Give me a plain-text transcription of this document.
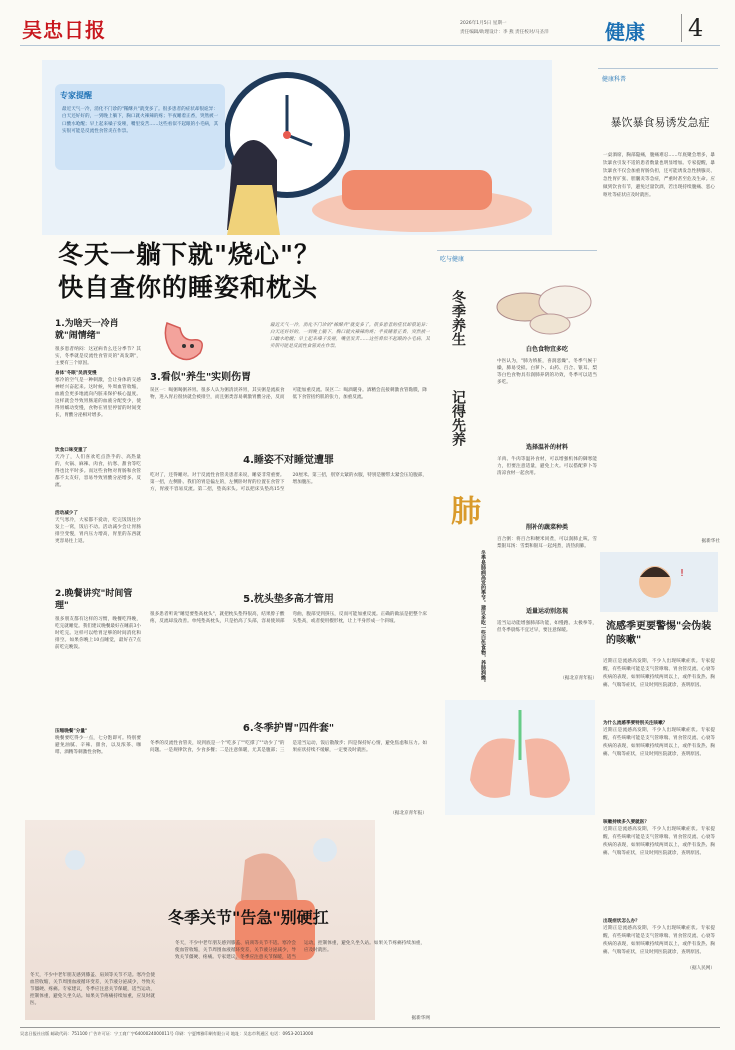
吴忠日报	2026年1月5日 星期一
责任编辑/助理设计：李 燕 责任校对/马圣洋	健康 4
专家提醒
最近天气一冷，消化不门诊的"稀酥兵"就变多了。很多患者的症状却很诡异：白天还好好的，一到晚上躺下，胸口就火辣辣的疼；半夜睡着正香，突然被一口酸水呛醒；早上起来嗓子发哑，嘴里发苦……这些看似不起眼的小毛病，其实很可能是反流性食管炎在作祟。
冬天一躺下就"烧心"？
快自查你的睡姿和枕头
1.为啥天一冷肖就"闹情绪"
很多患者纳闷：这冠病肯么还分季节？其实，冬季就是反流性食管炎的"高发期"，主要有三个原因。
身体"冬眠"吴消变慢
寒冷的空气是一种刺激，会让身体的交感神经兴奋起来。这时候，外周血管收缩，血液会更多地流向内脏来保护核心温度。这样就会导致胃肠道的血液分配变少，使得胃蠕动变慢，食物在胃里停留的时间变长，胃酸分泌相对增多。
饮食口味变重了
天冷了，人们喜欢吃点热乎的、高热量的，火锅、麻辣、肉食，抗寒、甜食等吃得也比平时多。而这些食物对胃肠和食管都不太友好，容易导致胃酸分泌增多、反流。
活动减少了
天气寒冷，大家都不爱动，吃完饭饭往沙发上一窝，饭后不动。活动减少会让胃肠排空变慢，胃内压力增高，胃里的东西就更容易往上返。
2.晚餐讲究"时间管理"
很多朋友都有这样的习惯，晚餐吃得晚，吃完就睡觉。我们建议晚餐最好在睡前3小时吃完。这样可以给胃足够的时间消化和排空。如果你晚上10点睡觉，最好在7点前吃完晚饭。
压缩晚餐"分量"
晚餐要吃得少一点，七分饱即可。特别要避免油腻、辛辣、甜食，以及浓茶、咖啡、酒精等刺激性食物。
最近天气一冷，消化不门诊的"稀酥兵"就变多了。很多患者的症状却很诡异：白天还好好的，一到晚上躺下，胸口就火辣辣的疼；半夜睡着正香，突然被一口酸水呛醒；早上起来嗓子发哑，嘴里发苦……这些看似不起眼的小毛病，其实很可能是反流性食管炎在作祟。
3.看似"养生"实则伤胃
误区一：喝粥喝粥养胃。很多人认为粥清淡养胃，其实粥是流质食物，进入胃后很快就会被排空，而且粥类容易刺激胃酸分泌，反而可能加重反流。误区二：喝酒暖身。酒精会直接刺激食管黏膜，降低下食管括约肌的张力，加重反流。
4.睡姿不对睡觉遭罪
吃对了，还得睡对。对于反流性食管炎患者来说，睡姿非常重要。第一招，左侧卧。我们的胃是偏左的，左侧卧时胃的位置在食管下方，胃液不容易反流。第二招，垫高床头。可以把床头垫高15至20厘米。第三招，别穿太紧的衣服，特别是腰带太紧会压迫腹部，增加腹压。
5.枕头垫多高才管用
很多患者听说"睡觉要垫高枕头"，就把枕头垫得很高，结果脖子酸疼，反流却没改善。单纯垫高枕头，只是抬高了头部，容易使颈部弯曲，腹部受到挤压，反而可能加重反流。正确的做法是把整个床头垫高，或者使用楔形枕，让上半身形成一个斜坡。
6.冬季护胃"四件套"
冬季的反流性食管炎，说到底是一个"吃多了""吃撑了""动少了"的问题。一是规律饮食，少食多餐；二是注意保暖，尤其是腹部；三是适当运动，饭后散散步；四是保持好心情，避免焦虑和压力。如果症状持续不缓解，一定要及时就医。
（据北京青年报）
吃与健康
冬季养生
记得先养
肺
冬季是肺病高发的季节。建议多吃一些白色食物，养肺润燥。
白色食物宜多吃
中医认为，"肺为娇脏，喜润恶燥"。冬季气候干燥，肺易受损。白萝卜、山药、百合、银耳、梨等白色食物具有润肺养阴的功效，冬季可以适当多吃。
选择温补的材料
羊肉、牛肉等温补食材，可以增强机体的御寒能力，但要注意适量，避免上火。可以搭配萝卜等清凉食材一起食用。
削补的蔬菜种类
百合粥：将百合和粳米同煮，可以润肺止咳。雪梨银耳汤：雪梨和银耳一起炖煮，清热润肺。
适量运动别忽视
适当运动能增强肺部功能，如慢跑、太极拳等，但冬季晨练不宜过早，要注意保暖。
（据北京青年报）
健康科普
暴饮暴食易诱发急症
一桌酒席，胸部隐痛，腹痛难忍……年底聚会增多，暴饮暴食引发不适的患者数量也明显增加。专家提醒，暴饮暴食不仅会加重胃肠负担，还可能诱发急性胰腺炎、急性胃扩张、胆囊炎等急症，严重时甚至危及生命。应做到饮食有节，避免过量饮酒，若出现持续腹痛、恶心呕吐等症状应及时就医。
据新华社
!
流感季更要警惕"会伪装的咳嗽"
近期正是流感高发期，不少人出现咳嗽症状。专家提醒，有些咳嗽可能是支气管哮喘、胃食管反流、心衰等疾病的表现，如果咳嗽持续两周以上，或伴有发热、胸痛、气喘等症状，应及时到医院就诊，查明原因。
为什么流感季要特别关注咳嗽？
近期正是流感高发期，不少人出现咳嗽症状。专家提醒，有些咳嗽可能是支气管哮喘、胃食管反流、心衰等疾病的表现，如果咳嗽持续两周以上，或伴有发热、胸痛、气喘等症状，应及时到医院就诊，查明原因。
咳嗽持续多久要就医？
近期正是流感高发期，不少人出现咳嗽症状。专家提醒，有些咳嗽可能是支气管哮喘、胃食管反流、心衰等疾病的表现，如果咳嗽持续两周以上，或伴有发热、胸痛、气喘等症状，应及时到医院就诊，查明原因。
出现症状怎么办？
近期正是流感高发期，不少人出现咳嗽症状。专家提醒，有些咳嗽可能是支气管哮喘、胃食管反流、心衰等疾病的表现，如果咳嗽持续两周以上，或伴有发热、胸痛、气喘等症状，应及时到医院就诊，查明原因。
（据人民网）
冬季关节"告急"别硬扛
冬天，不少中老年朋友感到膝盖、肩颈等关节不适。寒冷会使血管收缩，关节周围血液循环变差，关节液分泌减少，导致关节僵硬、疼痛。专家建议，冬季应注意关节保暖，适当运动，控制体重，避免久坐久站。如果关节疼痛持续加重，应及时就医。
冬天，不少中老年朋友感到膝盖、肩颈等关节不适。寒冷会使血管收缩，关节周围血液循环变差，关节液分泌减少，导致关节僵硬、疼痛。专家建议，冬季应注意关节保暖，适当运动，控制体重，避免久坐久站。如果关节疼痛持续加重，应及时就医。
据新华网
吴忠日报社出版 邮政代码：751100 广告许可证：宁工商广字6400024000011号 印刷：宁夏博雅印刷有限公司 地址：吴忠市利通区 电话：0953-2013000
